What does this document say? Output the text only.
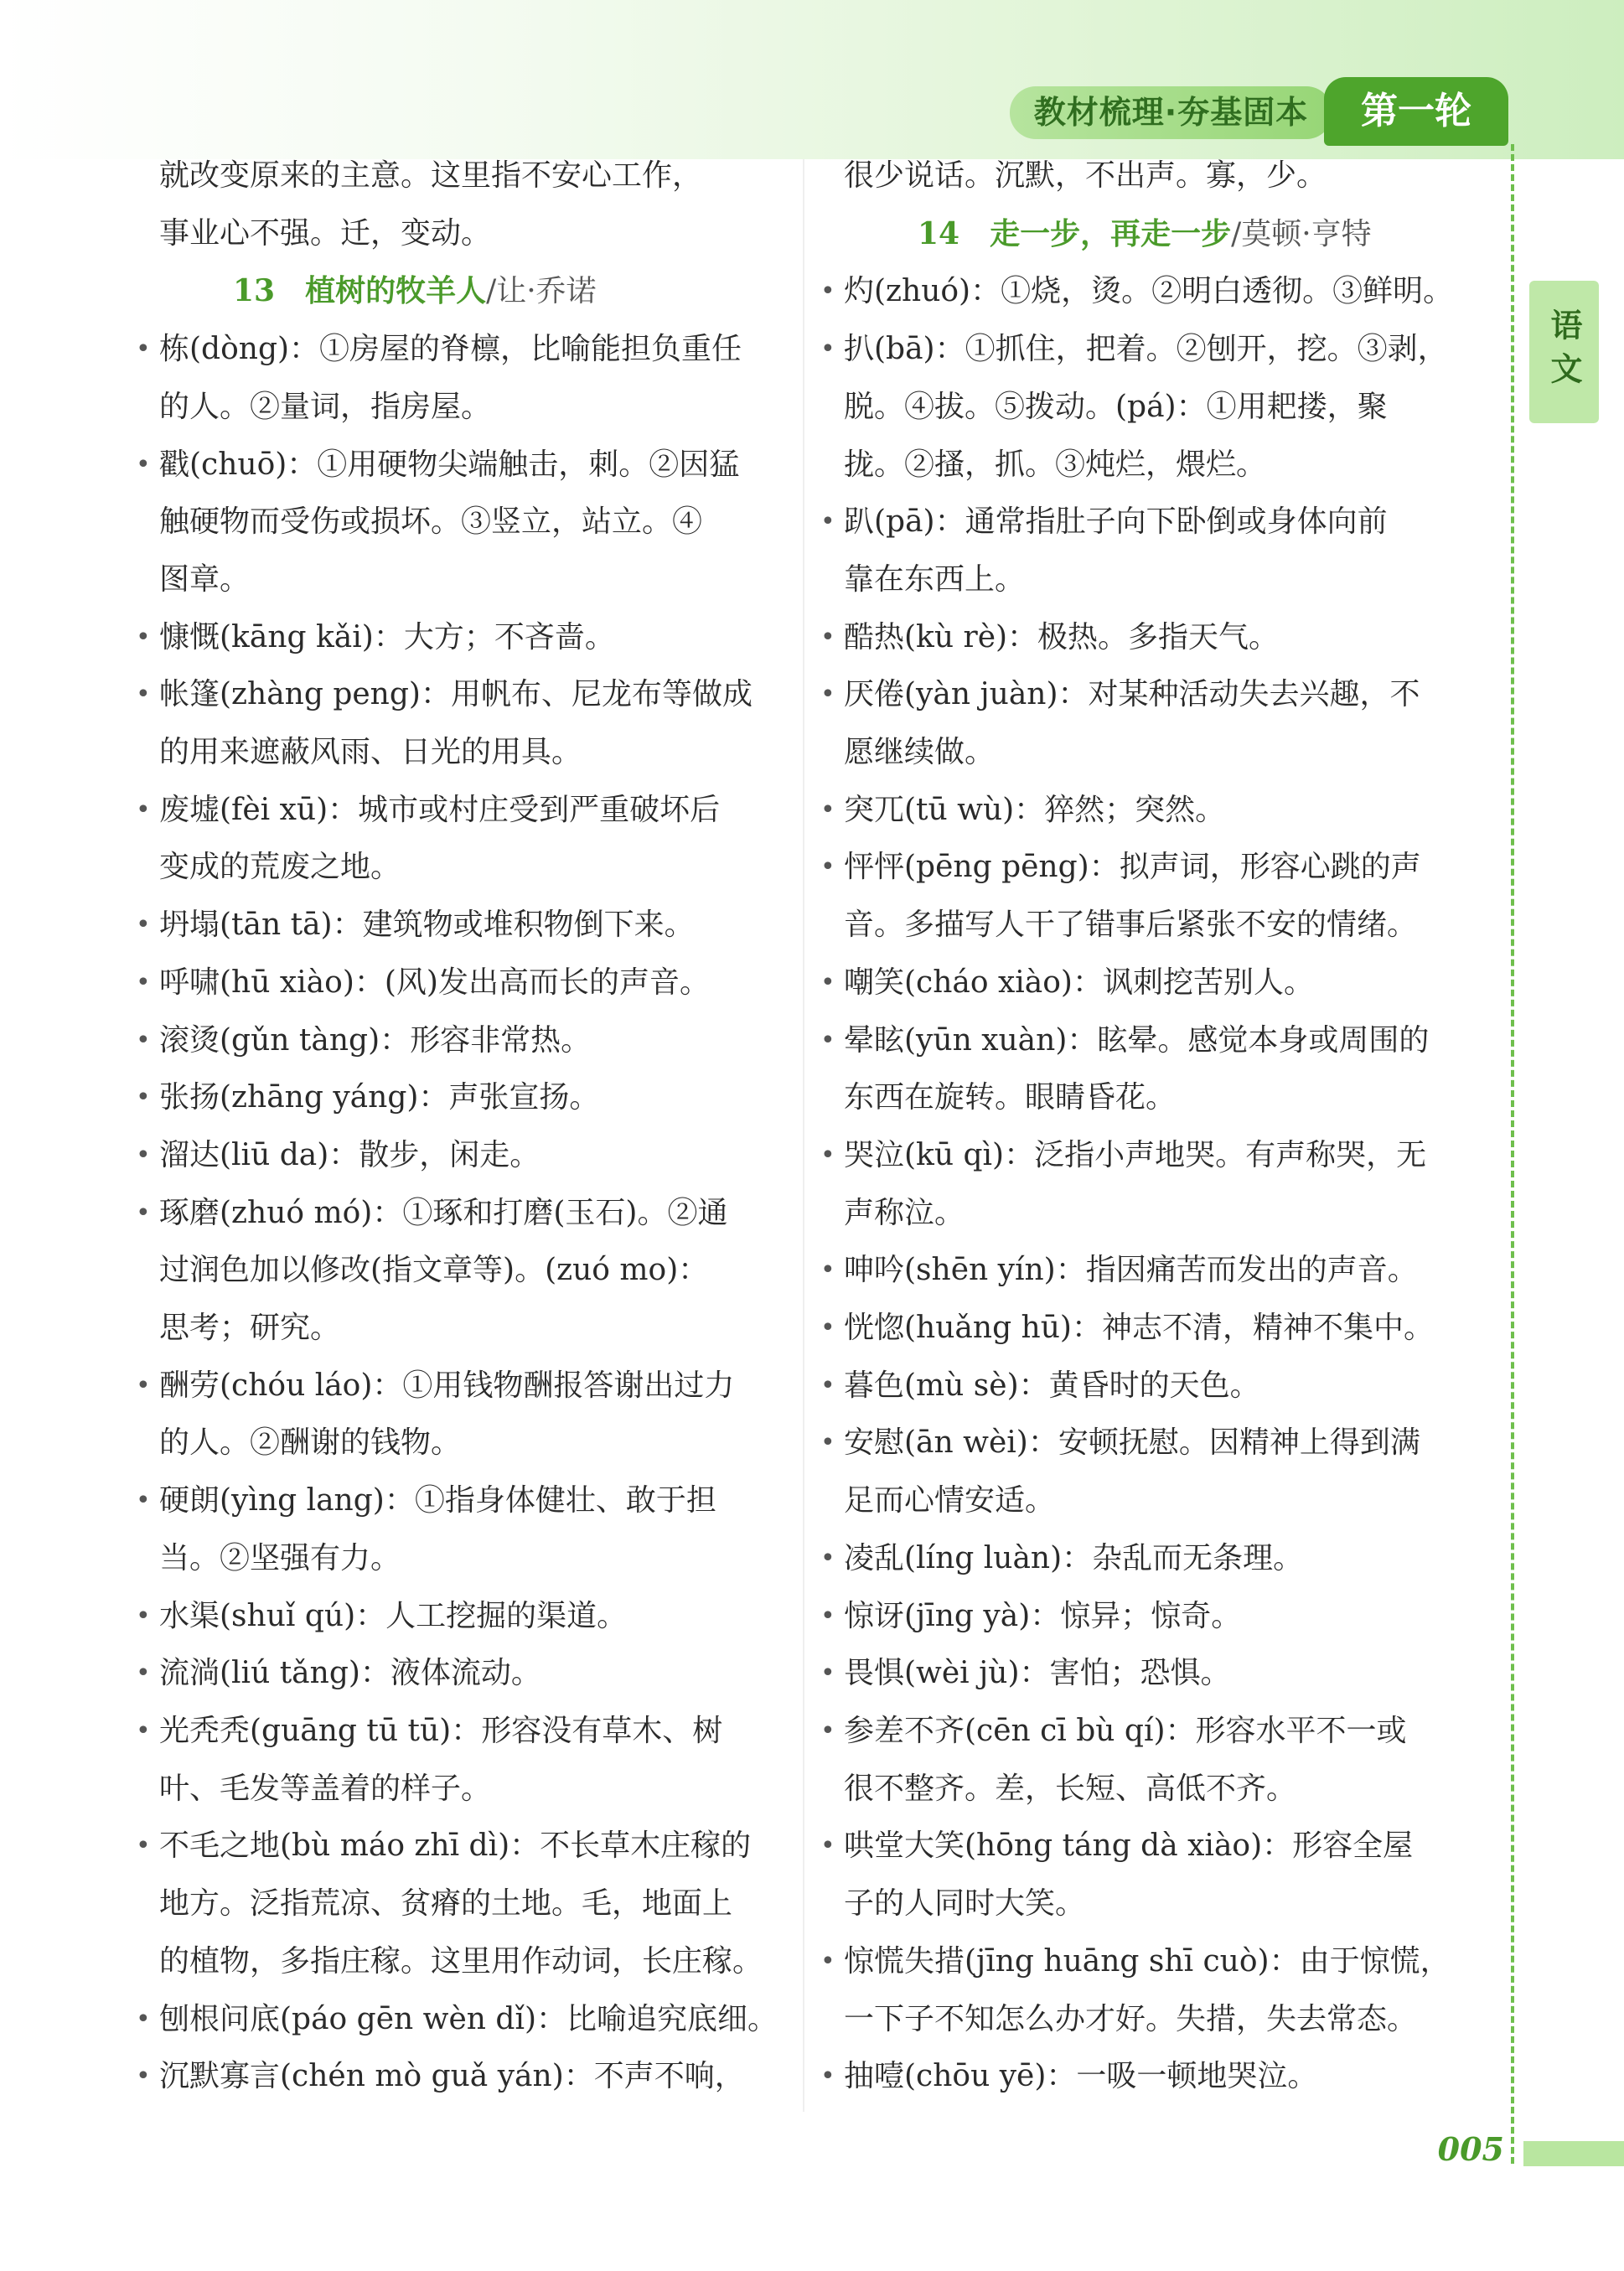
教材梳理·夯基固本	第一轮
语文

就改变原来的主意。这里指不安心工作，

事业心不强。迁，变动。

13　植树的牧羊人/让·乔诺

• 栋(dòng)：①房屋的脊檩，比喻能担负重任
的人。②量词，指房屋。

• 戳(chuō)：①用硬物尖端触击，刺。②因猛
触硬物而受伤或损坏。③竖立，站立。④
图章。

• 慷慨(kāng kǎi)：大方；不吝啬。

• 帐篷(zhàng peng)：用帆布、尼龙布等做成
的用来遮蔽风雨、日光的用具。

• 废墟(fèi xū)：城市或村庄受到严重破坏后
变成的荒废之地。

• 坍塌(tān tā)：建筑物或堆积物倒下来。

• 呼啸(hū xiào)：(风)发出高而长的声音。

• 滚烫(gǔn tàng)：形容非常热。

• 张扬(zhāng yáng)：声张宣扬。

• 溜达(liū da)：散步，闲走。

• 琢磨(zhuó mó)：①琢和打磨(玉石)。②通
过润色加以修改(指文章等)。(zuó mo)：
思考；研究。

• 酬劳(chóu láo)：①用钱物酬报答谢出过力
的人。②酬谢的钱物。

• 硬朗(yìng lang)：①指身体健壮、敢于担
当。②坚强有力。

• 水渠(shuǐ qú)：人工挖掘的渠道。

• 流淌(liú tǎng)：液体流动。

• 光秃秃(guāng tū tū)：形容没有草木、树
叶、毛发等盖着的样子。

• 不毛之地(bù máo zhī dì)：不长草木庄稼的
地方。泛指荒凉、贫瘠的土地。毛，地面上
的植物，多指庄稼。这里用作动词，长庄稼。

• 刨根问底(páo gēn wèn dǐ)：比喻追究底细。

• 沉默寡言(chén mò guǎ yán)：不声不响，

很少说话。沉默，不出声。寡，少。

14　走一步，再走一步/莫顿·亨特

• 灼(zhuó)：①烧，烫。②明白透彻。③鲜明。

• 扒(bā)：①抓住，把着。②刨开，挖。③剥，
脱。④拔。⑤拨动。(pá)：①用耙搂，聚
拢。②搔，抓。③炖烂，煨烂。

• 趴(pā)：通常指肚子向下卧倒或身体向前
靠在东西上。

• 酷热(kù rè)：极热。多指天气。

• 厌倦(yàn juàn)：对某种活动失去兴趣，不
愿继续做。

• 突兀(tū wù)：猝然；突然。

• 怦怦(pēng pēng)：拟声词，形容心跳的声
音。多描写人干了错事后紧张不安的情绪。

• 嘲笑(cháo xiào)：讽刺挖苦别人。

• 晕眩(yūn xuàn)：眩晕。感觉本身或周围的
东西在旋转。眼睛昏花。

• 哭泣(kū qì)：泛指小声地哭。有声称哭，无
声称泣。

• 呻吟(shēn yín)：指因痛苦而发出的声音。

• 恍惚(huǎng hū)：神志不清，精神不集中。

• 暮色(mù sè)：黄昏时的天色。

• 安慰(ān wèi)：安顿抚慰。因精神上得到满
足而心情安适。

• 凌乱(líng luàn)：杂乱而无条理。

• 惊讶(jīng yà)：惊异；惊奇。

• 畏惧(wèi jù)：害怕；恐惧。

• 参差不齐(cēn cī bù qí)：形容水平不一或
很不整齐。差，长短、高低不齐。

• 哄堂大笑(hōng táng dà xiào)：形容全屋
子的人同时大笑。

• 惊慌失措(jīng huāng shī cuò)：由于惊慌，
一下子不知怎么办才好。失措，失去常态。

• 抽噎(chōu yē)：一吸一顿地哭泣。

005
